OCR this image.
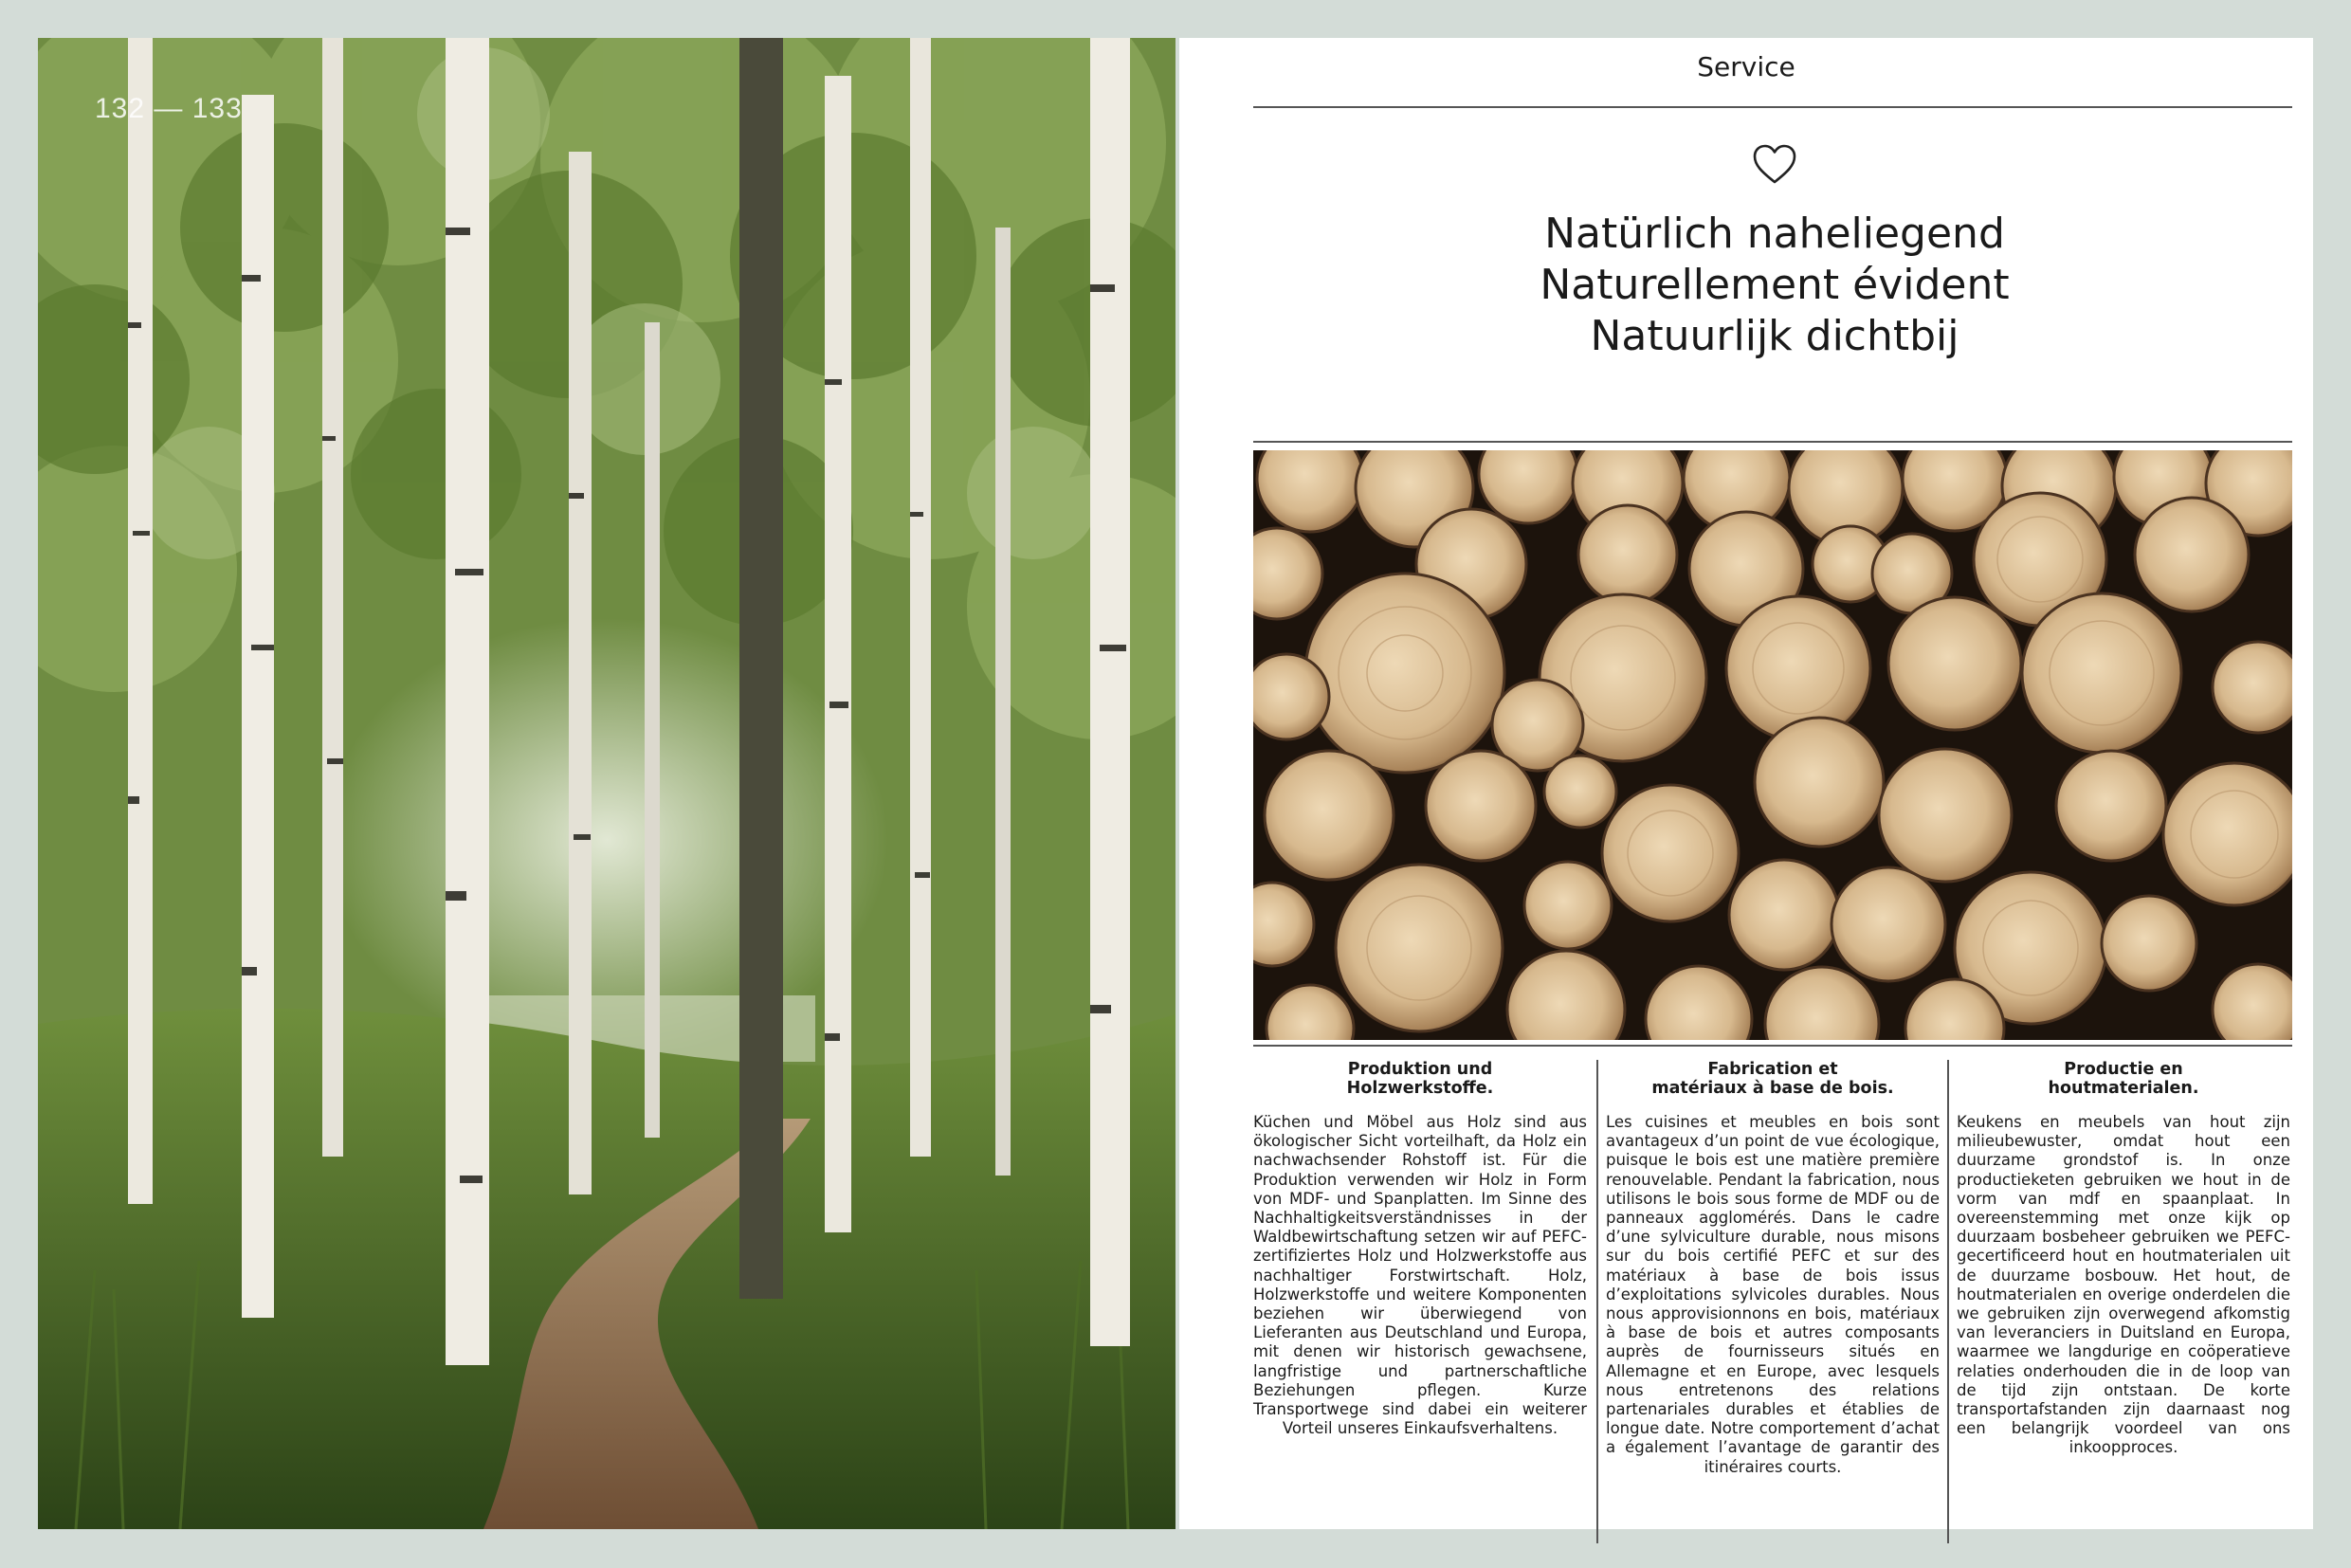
132 — 133
Service
Natürlich naheliegend
Naturellement évident
Natuurlijk dichtbij
Produktion und
Holzwerkstoffe.

Küchen und Möbel aus Holz sind aus ökologischer Sicht vorteilhaft, da Holz ein nachwachsender Rohstoff ist. Für die Produktion verwenden wir Holz in Form von MDF- und Spanplatten. Im Sinne des Nachhaltigkeitsverständnisses in der Waldbewirtschaftung setzen wir auf PEFC-zertifiziertes Holz und Holzwerkstoffe aus nachhaltiger Forstwirtschaft. Holz, Holzwerkstoffe und weitere Komponenten beziehen wir überwiegend von Lieferanten aus Deutschland und Europa, mit denen wir historisch gewachsene, langfristige und partnerschaftliche Beziehungen pflegen. Kurze Transportwege sind dabei ein weiterer Vorteil unseres Einkaufsverhaltens.

Fabrication et
matériaux à base de bois.

Les cuisines et meubles en bois sont avantageux d’un point de vue écologique, puisque le bois est une matière première renouvelable. Pendant la fabrication, nous utilisons le bois sous forme de MDF ou de panneaux agglomérés. Dans le cadre d’une sylviculture durable, nous misons sur du bois certifié PEFC et sur des matériaux à base de bois issus d’exploitations sylvicoles durables. Nous nous approvisionnons en bois, matériaux à base de bois et autres composants auprès de fournisseurs situés en Allemagne et en Europe, avec lesquels nous entretenons des relations partenariales durables et établies de longue date. Notre comportement d’achat a également l’avantage de garantir des itinéraires courts.

Productie en
houtmaterialen.

Keukens en meubels van hout zijn milieubewuster, omdat hout een duurzame grondstof is. In onze productieketen gebruiken we hout in de vorm van mdf en spaanplaat. In overeenstemming met onze kijk op duurzaam bosbeheer gebruiken we PEFC-gecertificeerd hout en houtmaterialen uit de duurzame bosbouw. Het hout, de houtmaterialen en overige onderdelen die we gebruiken zijn overwegend afkomstig van leveranciers in Duitsland en Europa, waarmee we langdurige en coöperatieve relaties onderhouden die in de loop van de tijd zijn ontstaan. De korte transportafstanden zijn daarnaast nog een belangrijk voordeel van ons inkoopproces.
